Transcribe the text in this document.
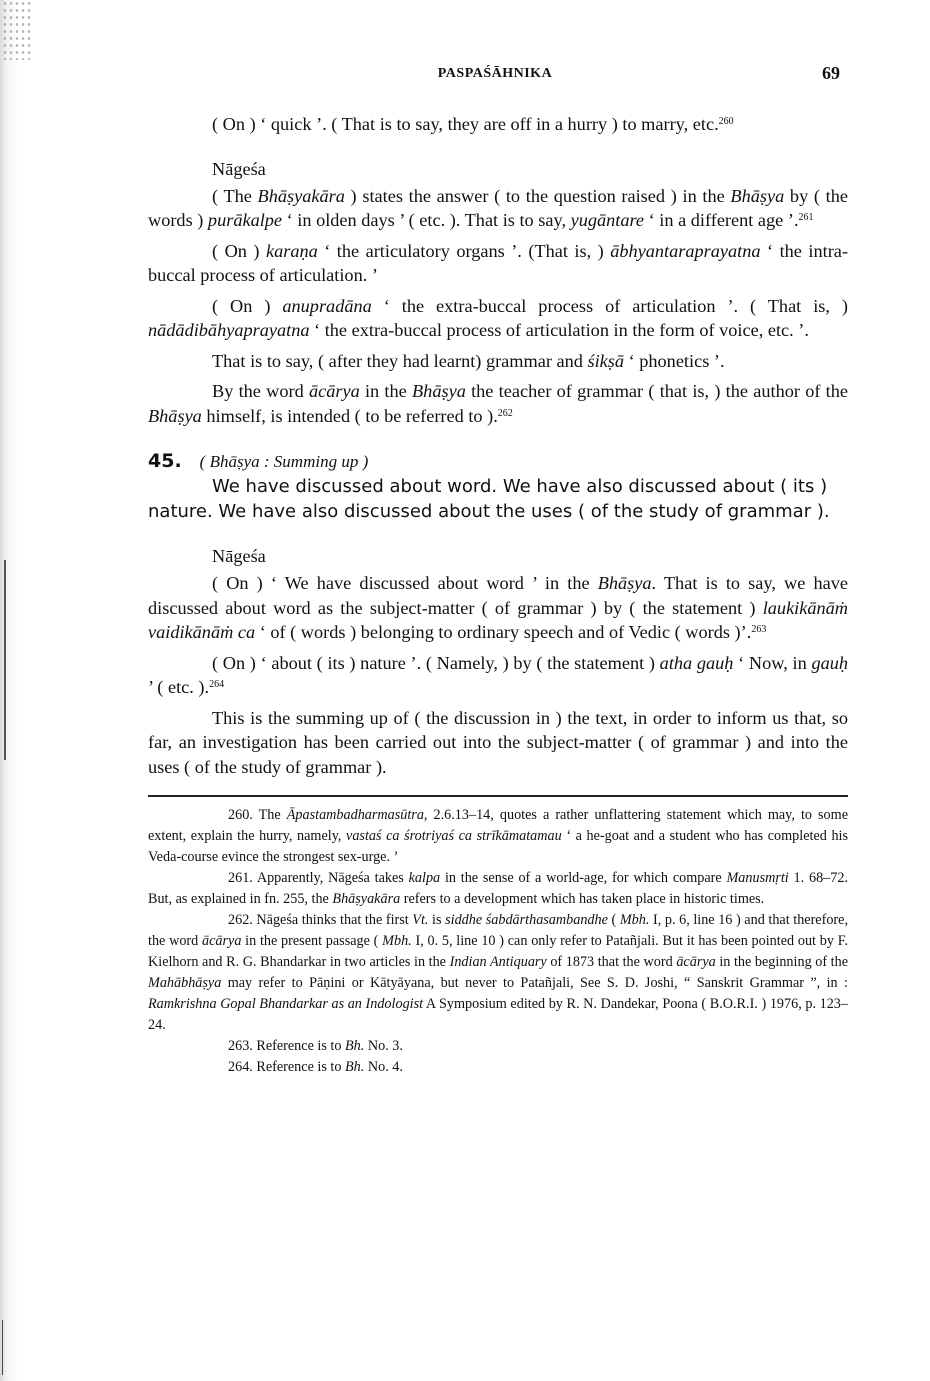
PASPAŚĀHNIKA	69

( On ) ‘ quick ’. ( That is to say, they are off in a hurry ) to marry, etc.$^{260}$

Nāgeśa

( The Bhāṣyakāra ) states the answer ( to the question raised ) in the Bhāṣya by ( the words ) purākalpe ‘ in olden days ’ ( etc. ). That is to say, yugāntare ‘ in a different age ’.$^{261}$

( On ) karaṇa ‘ the articulatory organs ’. (That is, ) ābhyantaraprayatna ‘ the intra-buccal process of articulation. ’

( On ) anupradāna ‘ the extra-buccal process of articulation ’. ( That is, ) nādādibāhyaprayatna ‘ the extra-buccal process of articulation in the form of voice, etc. ’.

That is to say, ( after they had learnt) grammar and śikṣā ‘ phonetics ’.

By the word ācārya in the Bhāṣya the teacher of grammar ( that is, ) the author of the Bhāṣya himself, is intended ( to be referred to ).$^{262}$

45. ( Bhāṣya : Summing up )

We have discussed about word. We have also discussed about ( its ) nature. We have also discussed about the uses ( of the study of grammar ).

Nāgeśa

( On ) ‘ We have discussed about word ’ in the Bhāṣya. That is to say, we have discussed about word as the subject-matter ( of grammar ) by ( the statement ) laukikānāṁ vaidikānāṁ ca ‘ of ( words ) belonging to ordinary speech and of Vedic ( words )’.$^{263}$

( On ) ‘ about ( its ) nature ’. ( Namely, ) by ( the statement ) atha gauḥ ‘ Now, in gauḥ ’ ( etc. ).$^{264}$

This is the summing up of ( the discussion in ) the text, in order to inform us that, so far, an investigation has been carried out into the subject-matter ( of grammar ) and into the uses ( of the study of grammar ).

260. The Āpastambadharmasūtra, 2.6.13–14, quotes a rather unflattering statement which may, to some extent, explain the hurry, namely, vastaś ca śrotriyaś ca strīkāmatamau ‘ a he-goat and a student who has completed his Veda-course evince the strongest sex-urge. ’

261. Apparently, Nāgeśa takes kalpa in the sense of a world-age, for which compare Manusmṛti 1. 68–72. But, as explained in fn. 255, the Bhāṣyakāra refers to a development which has taken place in historic times.

262. Nāgeśa thinks that the first Vt. is siddhe śabdārthasambandhe ( Mbh. I, p. 6, line 16 ) and that therefore, the word ācārya in the present passage ( Mbh. I, 0. 5, line 10 ) can only refer to Patañjali. But it has been pointed out by F. Kielhorn and R. G. Bhandarkar in two articles in the Indian Antiquary of 1873 that the word ācārya in the beginning of the Mahābhāṣya may refer to Pāṇini or Kātyāyana, but never to Patañjali, See S. D. Joshi, “ Sanskrit Grammar ”, in : Ramkrishna Gopal Bhandarkar as an Indologist A Symposium edited by R. N. Dandekar, Poona ( B.O.R.I. ) 1976, p. 123–24.

263. Reference is to Bh. No. 3.

264. Reference is to Bh. No. 4.
